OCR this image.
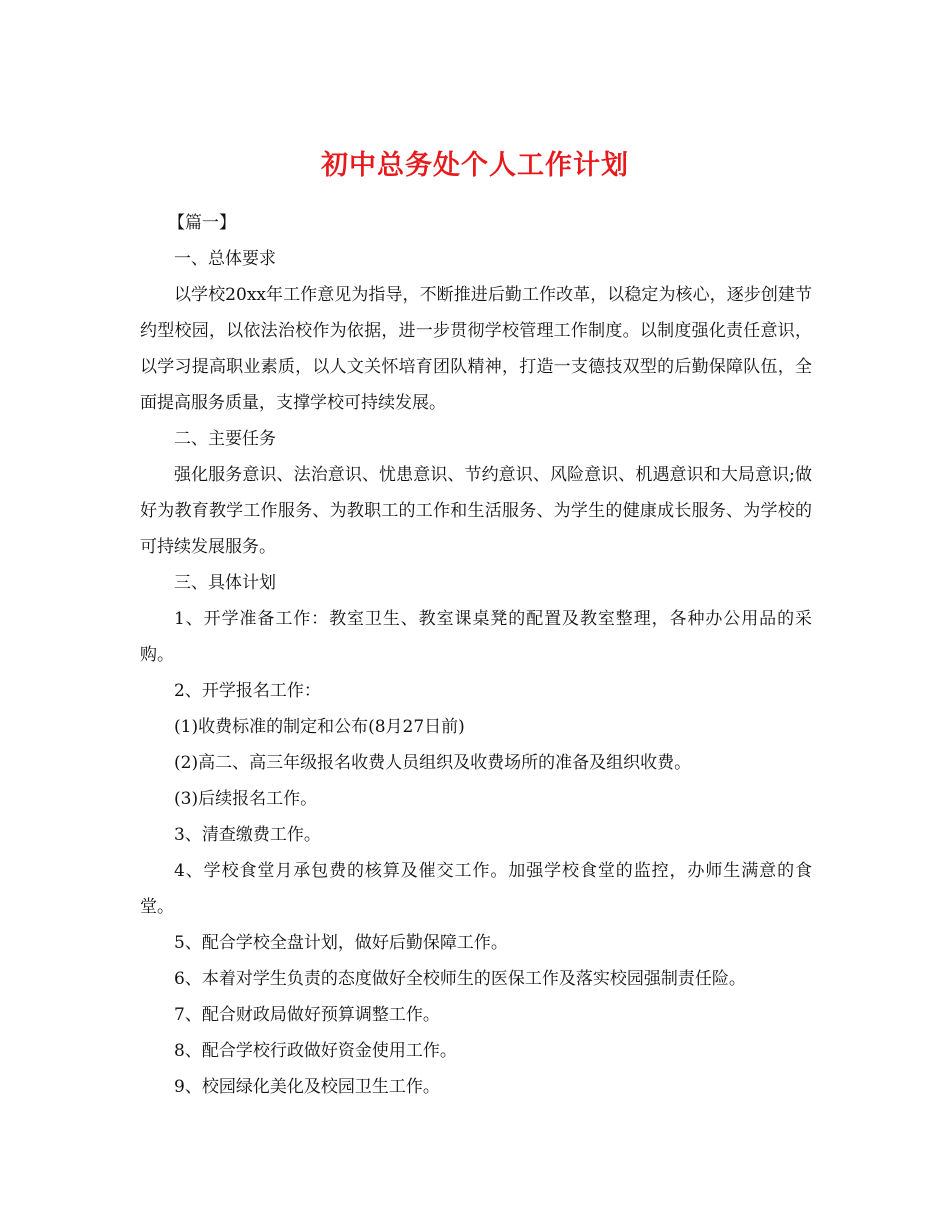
初中总务处个人工作计划

【篇一】

一、总体要求

以学校20xx年工作意见为指导，不断推进后勤工作改革，以稳定为核心，逐步创建节约型校园，以依法治校作为依据，进一步贯彻学校管理工作制度。以制度强化责任意识，以学习提高职业素质，以人文关怀培育团队精神，打造一支德技双型的后勤保障队伍，全面提高服务质量，支撑学校可持续发展。

二、主要任务

强化服务意识、法治意识、忧患意识、节约意识、风险意识、机遇意识和大局意识;做好为教育教学工作服务、为教职工的工作和生活服务、为学生的健康成长服务、为学校的可持续发展服务。

三、具体计划

1、开学准备工作：教室卫生、教室课桌凳的配置及教室整理，各种办公用品的采购。

2、开学报名工作：

(1)收费标准的制定和公布(8月27日前)

(2)高二、高三年级报名收费人员组织及收费场所的准备及组织收费。

(3)后续报名工作。

3、清查缴费工作。

4、学校食堂月承包费的核算及催交工作。加强学校食堂的监控，办师生满意的食堂。

5、配合学校全盘计划，做好后勤保障工作。

6、本着对学生负责的态度做好全校师生的医保工作及落实校园强制责任险。

7、配合财政局做好预算调整工作。

8、配合学校行政做好资金使用工作。

9、校园绿化美化及校园卫生工作。
